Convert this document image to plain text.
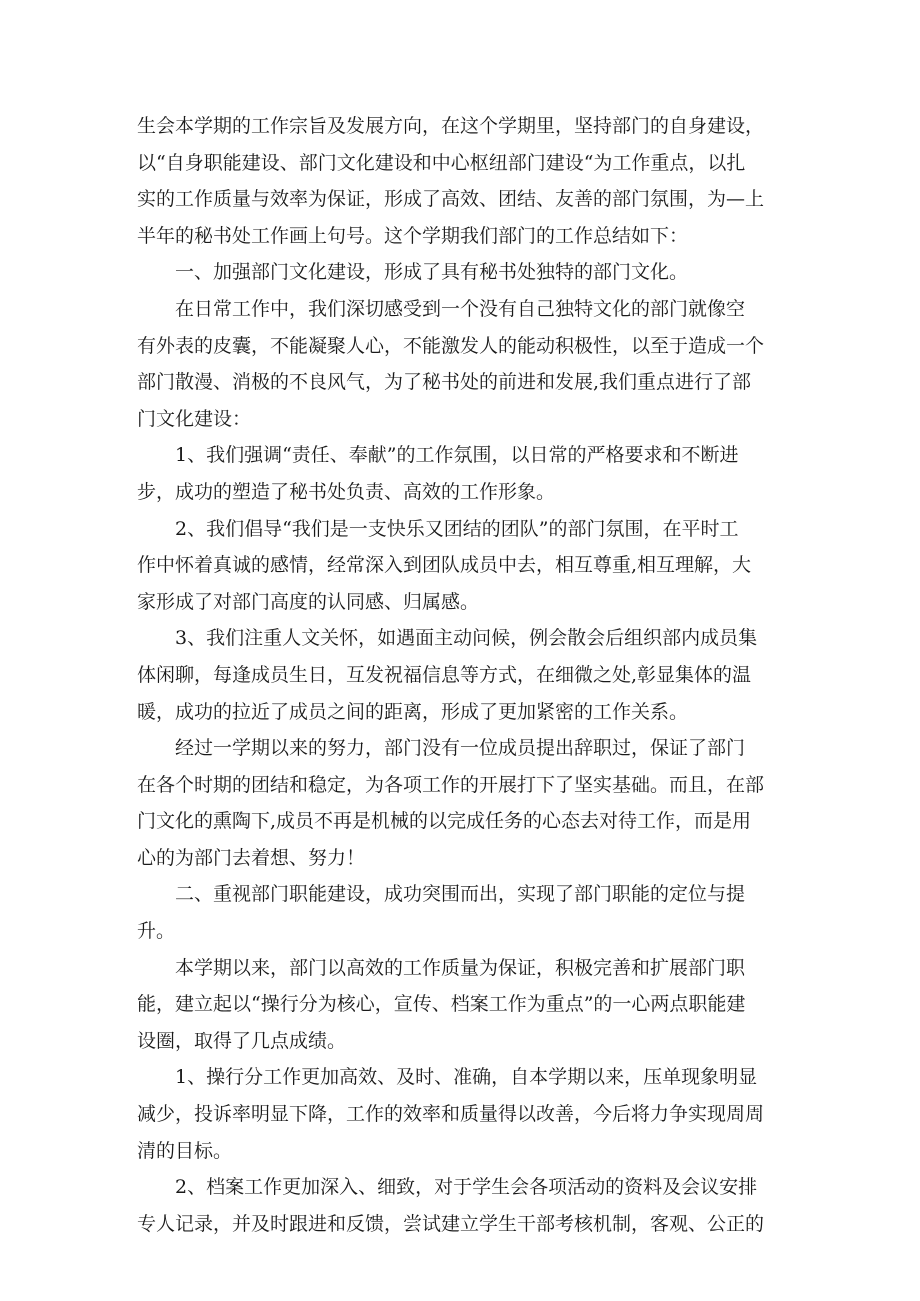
生会本学期的工作宗旨及发展方向，在这个学期里，坚持部门的自身建设，
以“自身职能建设、部门文化建设和中心枢纽部门建设“为工作重点，以扎
实的工作质量与效率为保证，形成了高效、团结、友善的部门氛围，为—上
半年的秘书处工作画上句号。这个学期我们部门的工作总结如下：
一、加强部门文化建设，形成了具有秘书处独特的部门文化。
在日常工作中，我们深切感受到一个没有自己独特文化的部门就像空
有外表的皮囊，不能凝聚人心，不能激发人的能动积极性，以至于造成一个
部门散漫、消极的不良风气，为了秘书处的前进和发展,我们重点进行了部
门文化建设：
1、我们强调“责任、奉献”的工作氛围，以日常的严格要求和不断进
步，成功的塑造了秘书处负责、高效的工作形象。
2、我们倡导“我们是一支快乐又团结的团队”的部门氛围，在平时工
作中怀着真诚的感情，经常深入到团队成员中去，相互尊重,相互理解，大
家形成了对部门高度的认同感、归属感。
3、我们注重人文关怀，如遇面主动问候，例会散会后组织部内成员集
体闲聊，每逢成员生日，互发祝福信息等方式，在细微之处,彰显集体的温
暖，成功的拉近了成员之间的距离，形成了更加紧密的工作关系。
经过一学期以来的努力，部门没有一位成员提出辞职过，保证了部门
在各个时期的团结和稳定，为各项工作的开展打下了坚实基础。而且，在部
门文化的熏陶下,成员不再是机械的以完成任务的心态去对待工作，而是用
心的为部门去着想、努力！
二、重视部门职能建设，成功突围而出，实现了部门职能的定位与提
升。
本学期以来，部门以高效的工作质量为保证，积极完善和扩展部门职
能，建立起以“操行分为核心，宣传、档案工作为重点”的一心两点职能建
设圈，取得了几点成绩。
1、操行分工作更加高效、及时、准确，自本学期以来，压单现象明显
减少，投诉率明显下降，工作的效率和质量得以改善，今后将力争实现周周
清的目标。
2、档案工作更加深入、细致，对于学生会各项活动的资料及会议安排
专人记录，并及时跟进和反馈，尝试建立学生干部考核机制，客观、公正的
